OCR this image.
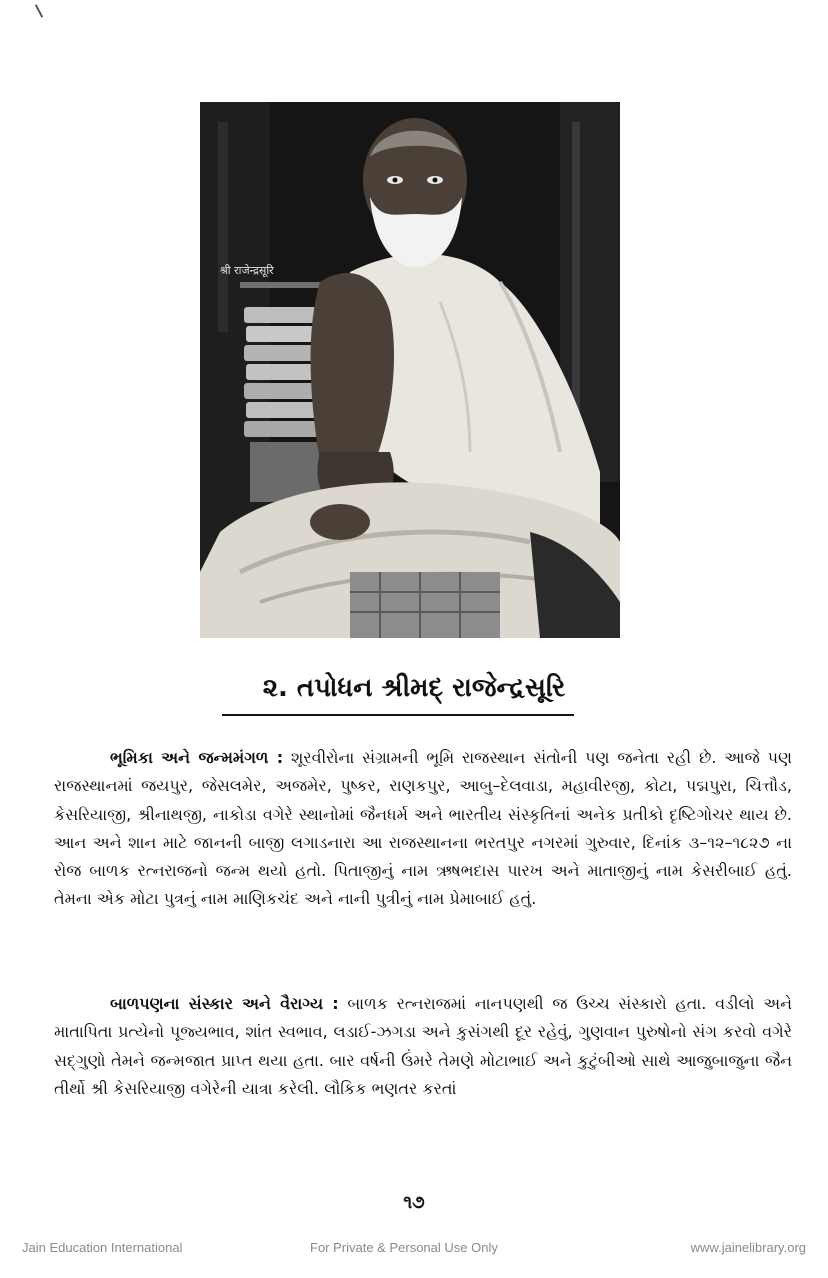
श्री राजेन्द्रसूरि
૨. તપોધન શ્રીમદ્ રાજેન્દ્રસૂરિ

ભૂમિકા અને જન્મમંગળ : શૂરવીરોના સંગ્રામની ભૂમિ રાજસ્થાન સંતોની પણ જનેતા રહી છે. આજે પણ રાજસ્થાનમાં જયપુર, જેસલમેર, અજમેર, પુષ્કર, રાણકપુર, આબુ–દેલવાડા, મહાવીરજી, કોટા, પદ્મપુરા, ચિત્તૌડ, કેસરિયાજી, શ્રીનાથજી, નાકોડા વગેરે સ્થાનોમાં જૈનધર્મ અને ભારતીય સંસ્કૃતિનાં અનેક પ્રતીકો દૃષ્ટિગોચર થાય છે. આન અને શાન માટે જાનની બાજી લગાડનારા આ રાજસ્થાનના ભરતપુર નગરમાં ગુરુવાર, દિનાંક ૩–૧૨–૧૮૨૭ ના રોજ બાળક રત્નરાજનો જન્મ થયો હતો. પિતાજીનું નામ ઋષભદાસ પારખ અને માતાજીનું નામ કેસરીબાઈ હતું. તેમના એક મોટા પુત્રનું નામ માણિકચંદ અને નાની પુત્રીનું નામ પ્રેમાબાઈ હતું.

બાળપણના સંસ્કાર અને વૈરાગ્ય : બાળક રત્નરાજમાં નાનપણથી જ ઉચ્ચ સંસ્કારો હતા. વડીલો અને માતાપિતા પ્રત્યેનો પૂજ્યભાવ, શાંત સ્વભાવ, લડાઈ-ઝગડા અને કુસંગથી દૂર રહેવું, ગુણવાન પુરુષોનો સંગ કરવો વગેરે સદ્ગુણો તેમને જન્મજાત પ્રાપ્ત થયા હતા. બાર વર્ષની ઉંમરે તેમણે મોટાભાઈ અને કુટુંબીઓ સાથે આજુબાજુના જૈન તીર્થો શ્રી કેસરિયાજી વગેરેની યાત્રા કરેલી. લૌકિક ભણતર કરતાં

૧૭
Jain Education International	For Private & Personal Use Only	www.jainelibrary.org
